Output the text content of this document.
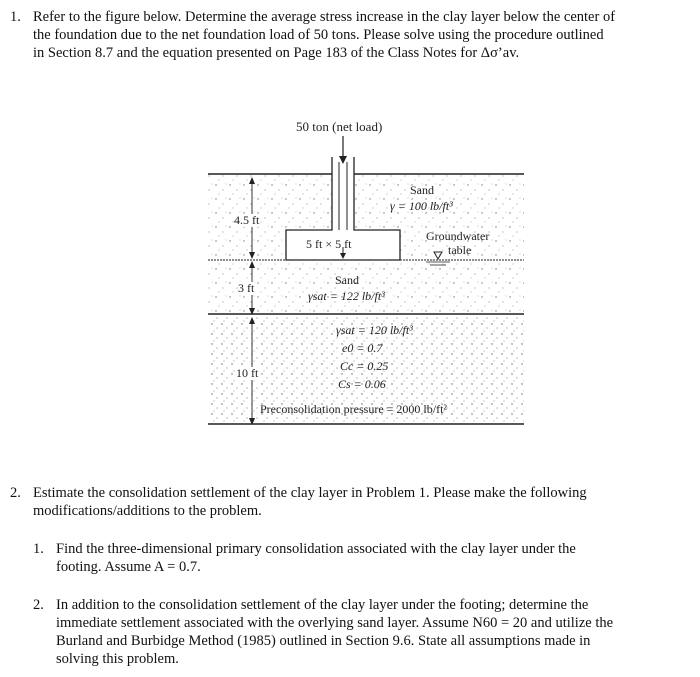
1. Refer to the figure below. Determine the average stress increase in the clay layer below the center of
the foundation due to the net foundation load of 50 tons. Please solve using the procedure outlined
in Section 8.7 and the equation presented on Page 183 of the Class Notes for Δσ’av.
50 ton (net load)
5 ft × 5 ft
4.5 ft
3 ft
10 ft
Sand
γ = 100 lb/ft³
Groundwater
table
Sand
γsat = 122 lb/ft³
γsat = 120 lb/ft³
e0 = 0.7
Cc = 0.25
Cs = 0.06
Preconsolidation pressure = 2000 lb/ft²
2. Estimate the consolidation settlement of the clay layer in Problem 1. Please make the following
modifications/additions to the problem.
1. Find the three-dimensional primary consolidation associated with the clay layer under the
footing. Assume A = 0.7.
2. In addition to the consolidation settlement of the clay layer under the footing; determine the
immediate settlement associated with the overlying sand layer. Assume N60 = 20 and utilize the
Burland and Burbidge Method (1985) outlined in Section 9.6. State all assumptions made in
solving this problem.
